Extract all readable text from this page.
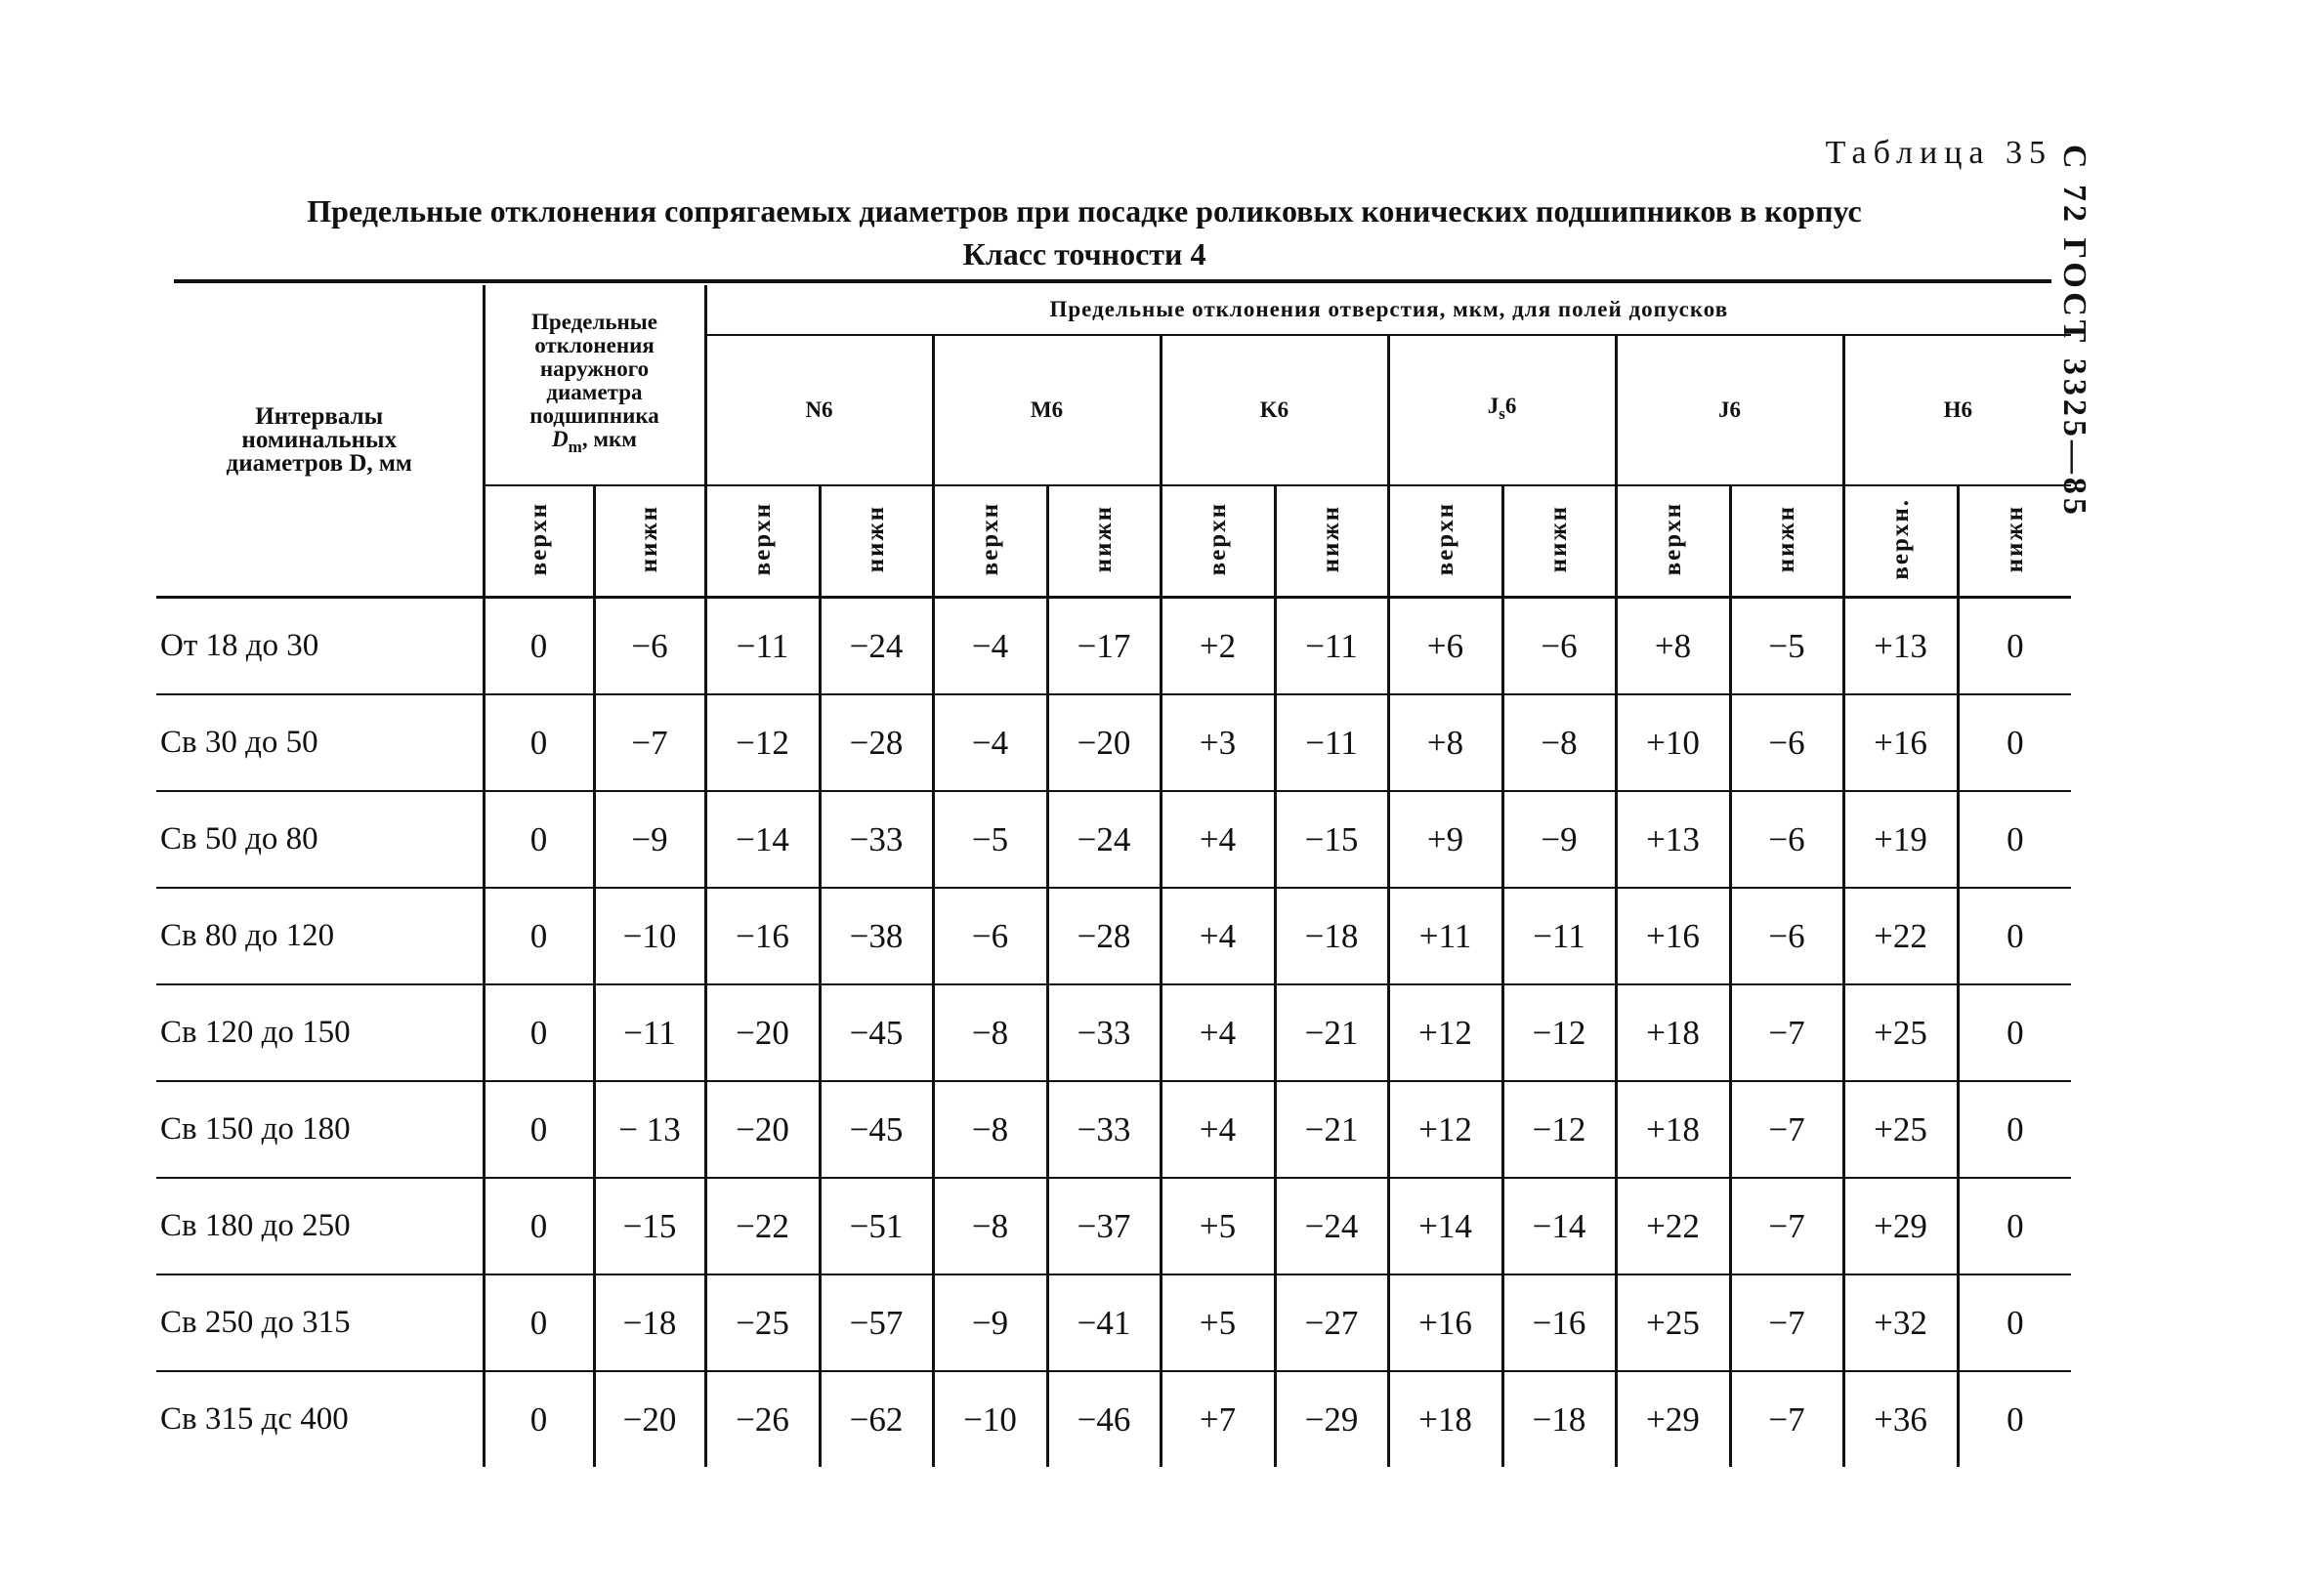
С 72 ГОСТ 3325—85
Таблица 35
Предельные отклонения сопрягаемых диаметров при посадке роликовых конических подшипников в корпус
Класс точности 4
Интервалы номинальных диаметров D, мм	Предельные отклонения наружного диаметра подшипника
$D_m$, мкм		Предельные отклонения отверстия, мкм, для полей допусков											
			N6		M6		K6		$J_s6$		J6		H6	
	верхн	нижн	верхн	нижн	верхн	нижн	верхн	нижн	верхн	нижн	верхн	нижн	верхн.	нижн
От 18 до 30	0	−6	−11	−24	−4	−17	+2	−11	+6	−6	+8	−5	+13	0
Св 30 до 50	0	−7	−12	−28	−4	−20	+3	−11	+8	−8	+10	−6	+16	0
Св 50 до 80	0	−9	−14	−33	−5	−24	+4	−15	+9	−9	+13	−6	+19	0
Св 80 до 120	0	−10	−16	−38	−6	−28	+4	−18	+11	−11	+16	−6	+22	0
Св 120 до 150	0	−11	−20	−45	−8	−33	+4	−21	+12	−12	+18	−7	+25	0
Св 150 до 180	0	− 13	−20	−45	−8	−33	+4	−21	+12	−12	+18	−7	+25	0
Св 180 до 250	0	−15	−22	−51	−8	−37	+5	−24	+14	−14	+22	−7	+29	0
Св 250 до 315	0	−18	−25	−57	−9	−41	+5	−27	+16	−16	+25	−7	+32	0
Св 315 дс 400	0	−20	−26	−62	−10	−46	+7	−29	+18	−18	+29	−7	+36	0
